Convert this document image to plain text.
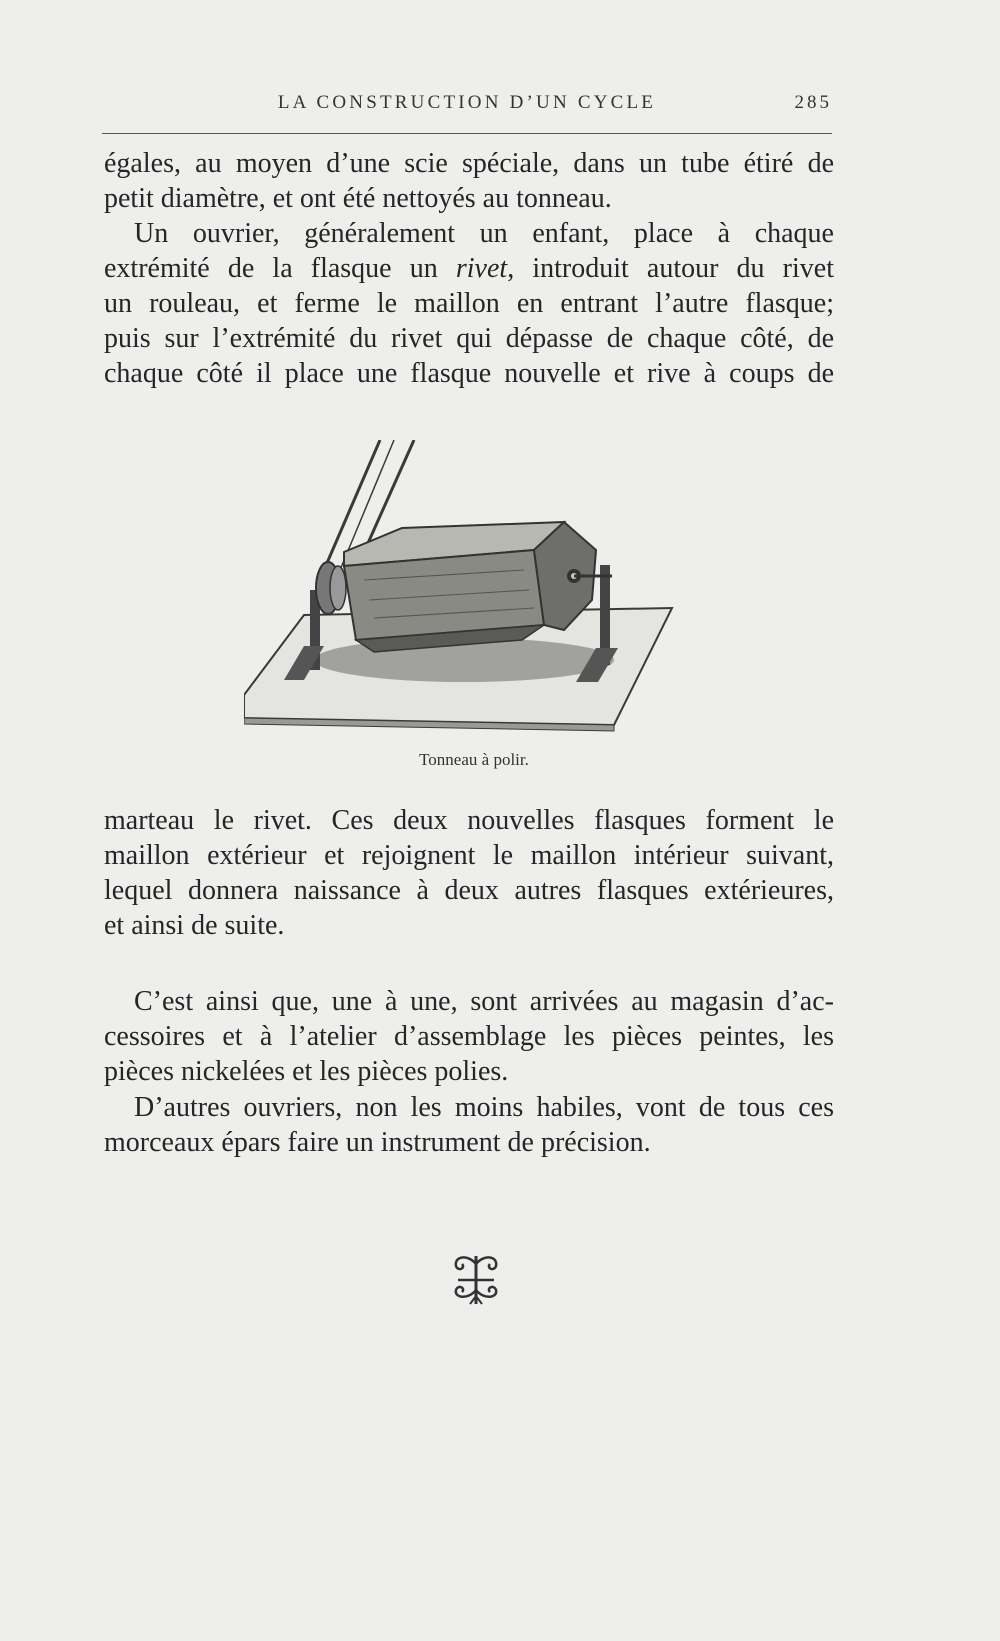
LA CONSTRUCTION D’UN CYCLE	285
égales, au moyen d’une scie spéciale, dans un tube étiré de
petit diamètre, et ont été nettoyés au tonneau.
Un ouvrier, généralement un enfant, place à chaque
extrémité de la flasque un rivet, introduit autour du rivet
un rouleau, et ferme le maillon en entrant l’autre flasque;
puis sur l’extrémité du rivet qui dépasse de chaque côté, de
chaque côté il place une flasque nouvelle et rive à coups de
Tonneau à polir.
marteau le rivet. Ces deux nouvelles flasques forment le
maillon extérieur et rejoignent le maillon intérieur suivant,
lequel donnera naissance à deux autres flasques extérieures,
et ainsi de suite.
C’est ainsi que, une à une, sont arrivées au magasin d’ac-
cessoires et à l’atelier d’assemblage les pièces peintes, les
pièces nickelées et les pièces polies.
D’autres ouvriers, non les moins habiles, vont de tous ces
morceaux épars faire un instrument de précision.
